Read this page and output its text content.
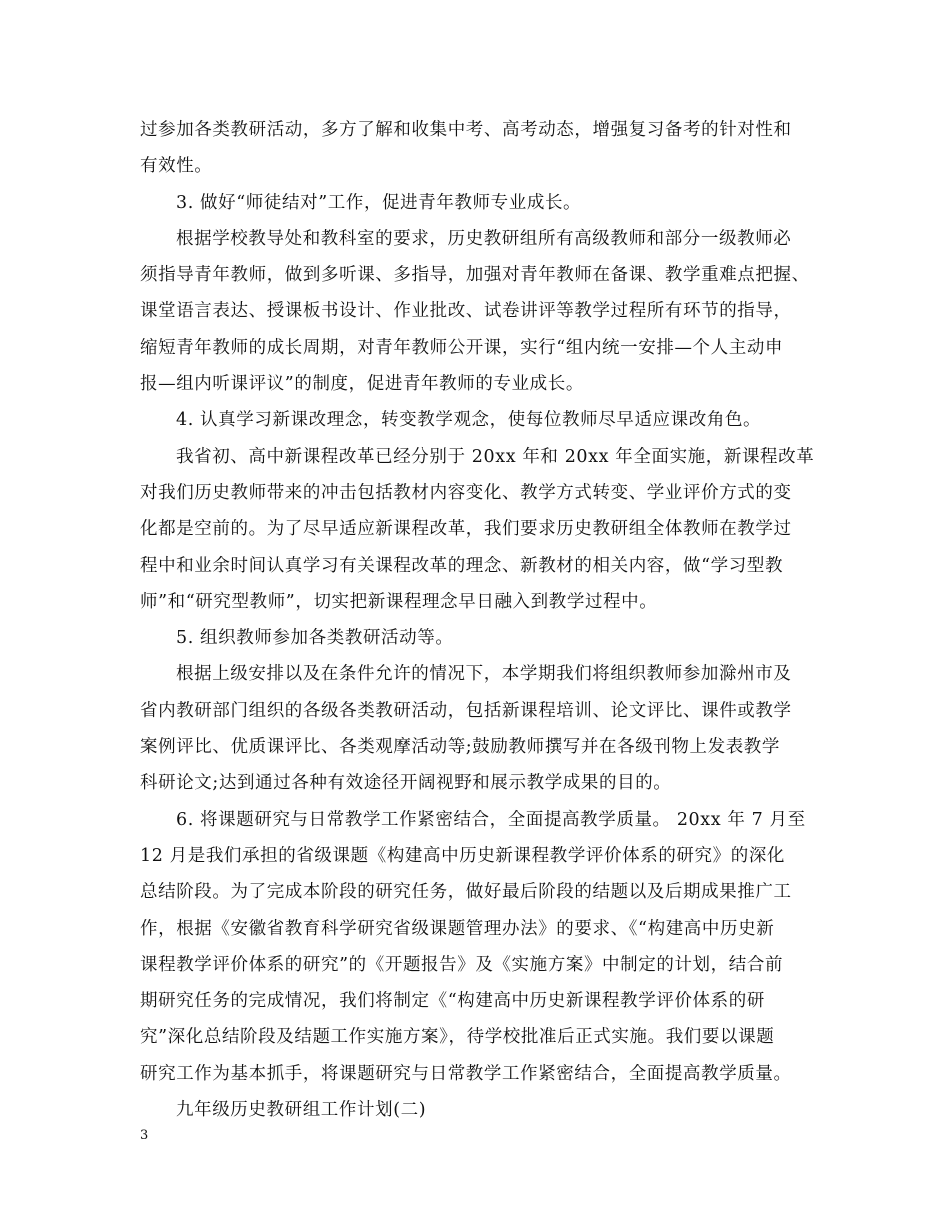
过参加各类教研活动，多方了解和收集中考、高考动态，增强复习备考的针对性和
有效性。
3. 做好“师徒结对”工作，促进青年教师专业成长。
根据学校教导处和教科室的要求，历史教研组所有高级教师和部分一级教师必
须指导青年教师，做到多听课、多指导，加强对青年教师在备课、教学重难点把握、
课堂语言表达、授课板书设计、作业批改、试卷讲评等教学过程所有环节的指导，
缩短青年教师的成长周期，对青年教师公开课，实行“组内统一安排—个人主动申
报—组内听课评议”的制度，促进青年教师的专业成长。
4. 认真学习新课改理念，转变教学观念，使每位教师尽早适应课改角色。
我省初、高中新课程改革已经分别于 20xx 年和 20xx 年全面实施，新课程改革
对我们历史教师带来的冲击包括教材内容变化、教学方式转变、学业评价方式的变
化都是空前的。为了尽早适应新课程改革，我们要求历史教研组全体教师在教学过
程中和业余时间认真学习有关课程改革的理念、新教材的相关内容，做“学习型教
师”和“研究型教师”，切实把新课程理念早日融入到教学过程中。
5. 组织教师参加各类教研活动等。
根据上级安排以及在条件允许的情况下，本学期我们将组织教师参加滁州市及
省内教研部门组织的各级各类教研活动，包括新课程培训、论文评比、课件或教学
案例评比、优质课评比、各类观摩活动等;鼓励教师撰写并在各级刊物上发表教学
科研论文;达到通过各种有效途径开阔视野和展示教学成果的目的。
6. 将课题研究与日常教学工作紧密结合，全面提高教学质量。 20xx 年 7 月至
12 月是我们承担的省级课题《构建高中历史新课程教学评价体系的研究》的深化
总结阶段。为了完成本阶段的研究任务，做好最后阶段的结题以及后期成果推广工
作，根据《安徽省教育科学研究省级课题管理办法》的要求、《“构建高中历史新
课程教学评价体系的研究”的《开题报告》及《实施方案》中制定的计划，结合前
期研究任务的完成情况，我们将制定《“构建高中历史新课程教学评价体系的研
究”深化总结阶段及结题工作实施方案》，待学校批准后正式实施。我们要以课题
研究工作为基本抓手，将课题研究与日常教学工作紧密结合，全面提高教学质量。
九年级历史教研组工作计划(二)
3
